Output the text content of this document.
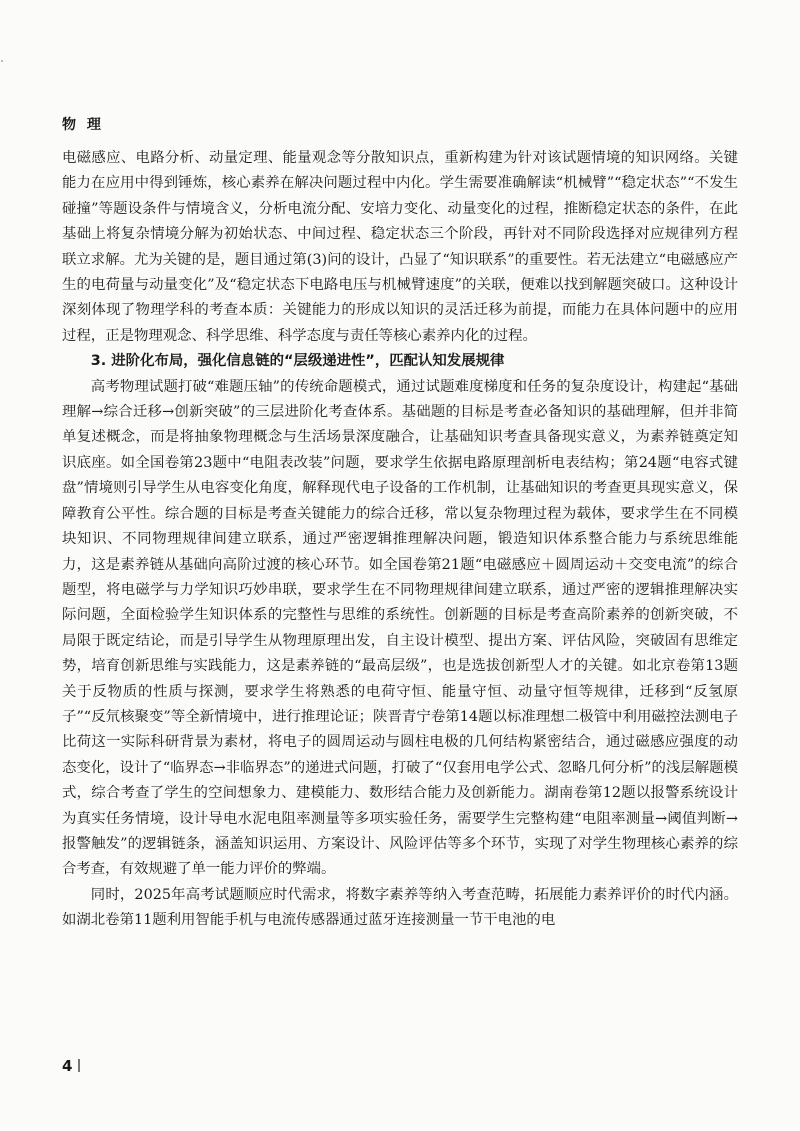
物 理

电磁感应、电路分析、动量定理、能量观念等分散知识点，重新构建为针对该试题情境的知识网络。关键能力在应用中得到锤炼，核心素养在解决问题过程中内化。学生需要准确解读“机械臂”“稳定状态”“不发生碰撞”等题设条件与情境含义，分析电流分配、安培力变化、动量变化的过程，推断稳定状态的条件，在此基础上将复杂情境分解为初始状态、中间过程、稳定状态三个阶段，再针对不同阶段选择对应规律列方程联立求解。尤为关键的是，题目通过第(3)问的设计，凸显了“知识联系”的重要性。若无法建立“电磁感应产生的电荷量与动量变化”及“稳定状态下电路电压与机械臂速度”的关联，便难以找到解题突破口。这种设计深刻体现了物理学科的考查本质：关键能力的形成以知识的灵活迁移为前提，而能力在具体问题中的应用过程，正是物理观念、科学思维、科学态度与责任等核心素养内化的过程。

3. 进阶化布局，强化信息链的“层级递进性”，匹配认知发展规律

高考物理试题打破“难题压轴”的传统命题模式，通过试题难度梯度和任务的复杂度设计，构建起“基础理解→综合迁移→创新突破”的三层进阶化考查体系。基础题的目标是考查必备知识的基础理解，但并非简单复述概念，而是将抽象物理概念与生活场景深度融合，让基础知识考查具备现实意义，为素养链奠定知识底座。如全国卷第23题中“电阻表改装”问题，要求学生依据电路原理剖析电表结构；第24题“电容式键盘”情境则引导学生从电容变化角度，解释现代电子设备的工作机制，让基础知识的考查更具现实意义，保障教育公平性。综合题的目标是考查关键能力的综合迁移，常以复杂物理过程为载体，要求学生在不同模块知识、不同物理规律间建立联系，通过严密逻辑推理解决问题，锻造知识体系整合能力与系统思维能力，这是素养链从基础向高阶过渡的核心环节。如全国卷第21题“电磁感应＋圆周运动＋交变电流”的综合题型，将电磁学与力学知识巧妙串联，要求学生在不同物理规律间建立联系，通过严密的逻辑推理解决实际问题，全面检验学生知识体系的完整性与思维的系统性。创新题的目标是考查高阶素养的创新突破，不局限于既定结论，而是引导学生从物理原理出发，自主设计模型、提出方案、评估风险，突破固有思维定势，培育创新思维与实践能力，这是素养链的“最高层级”，也是选拔创新型人才的关键。如北京卷第13题关于反物质的性质与探测，要求学生将熟悉的电荷守恒、能量守恒、动量守恒等规律，迁移到“反氢原子”“反氘核聚变”等全新情境中，进行推理论证；陕晋青宁卷第14题以标准理想二极管中利用磁控法测电子比荷这一实际科研背景为素材，将电子的圆周运动与圆柱电极的几何结构紧密结合，通过磁感应强度的动态变化，设计了“临界态→非临界态”的递进式问题，打破了“仅套用电学公式、忽略几何分析”的浅层解题模式，综合考查了学生的空间想象力、建模能力、数形结合能力及创新能力。湖南卷第12题以报警系统设计为真实任务情境，设计导电水泥电阻率测量等多项实验任务，需要学生完整构建“电阻率测量→阈值判断→报警触发”的逻辑链条，涵盖知识运用、方案设计、风险评估等多个环节，实现了对学生物理核心素养的综合考查，有效规避了单一能力评价的弊端。

同时，2025年高考试题顺应时代需求，将数字素养等纳入考查范畴，拓展能力素养评价的时代内涵。如湖北卷第11题利用智能手机与电流传感器通过蓝牙连接测量一节干电池的电

4
